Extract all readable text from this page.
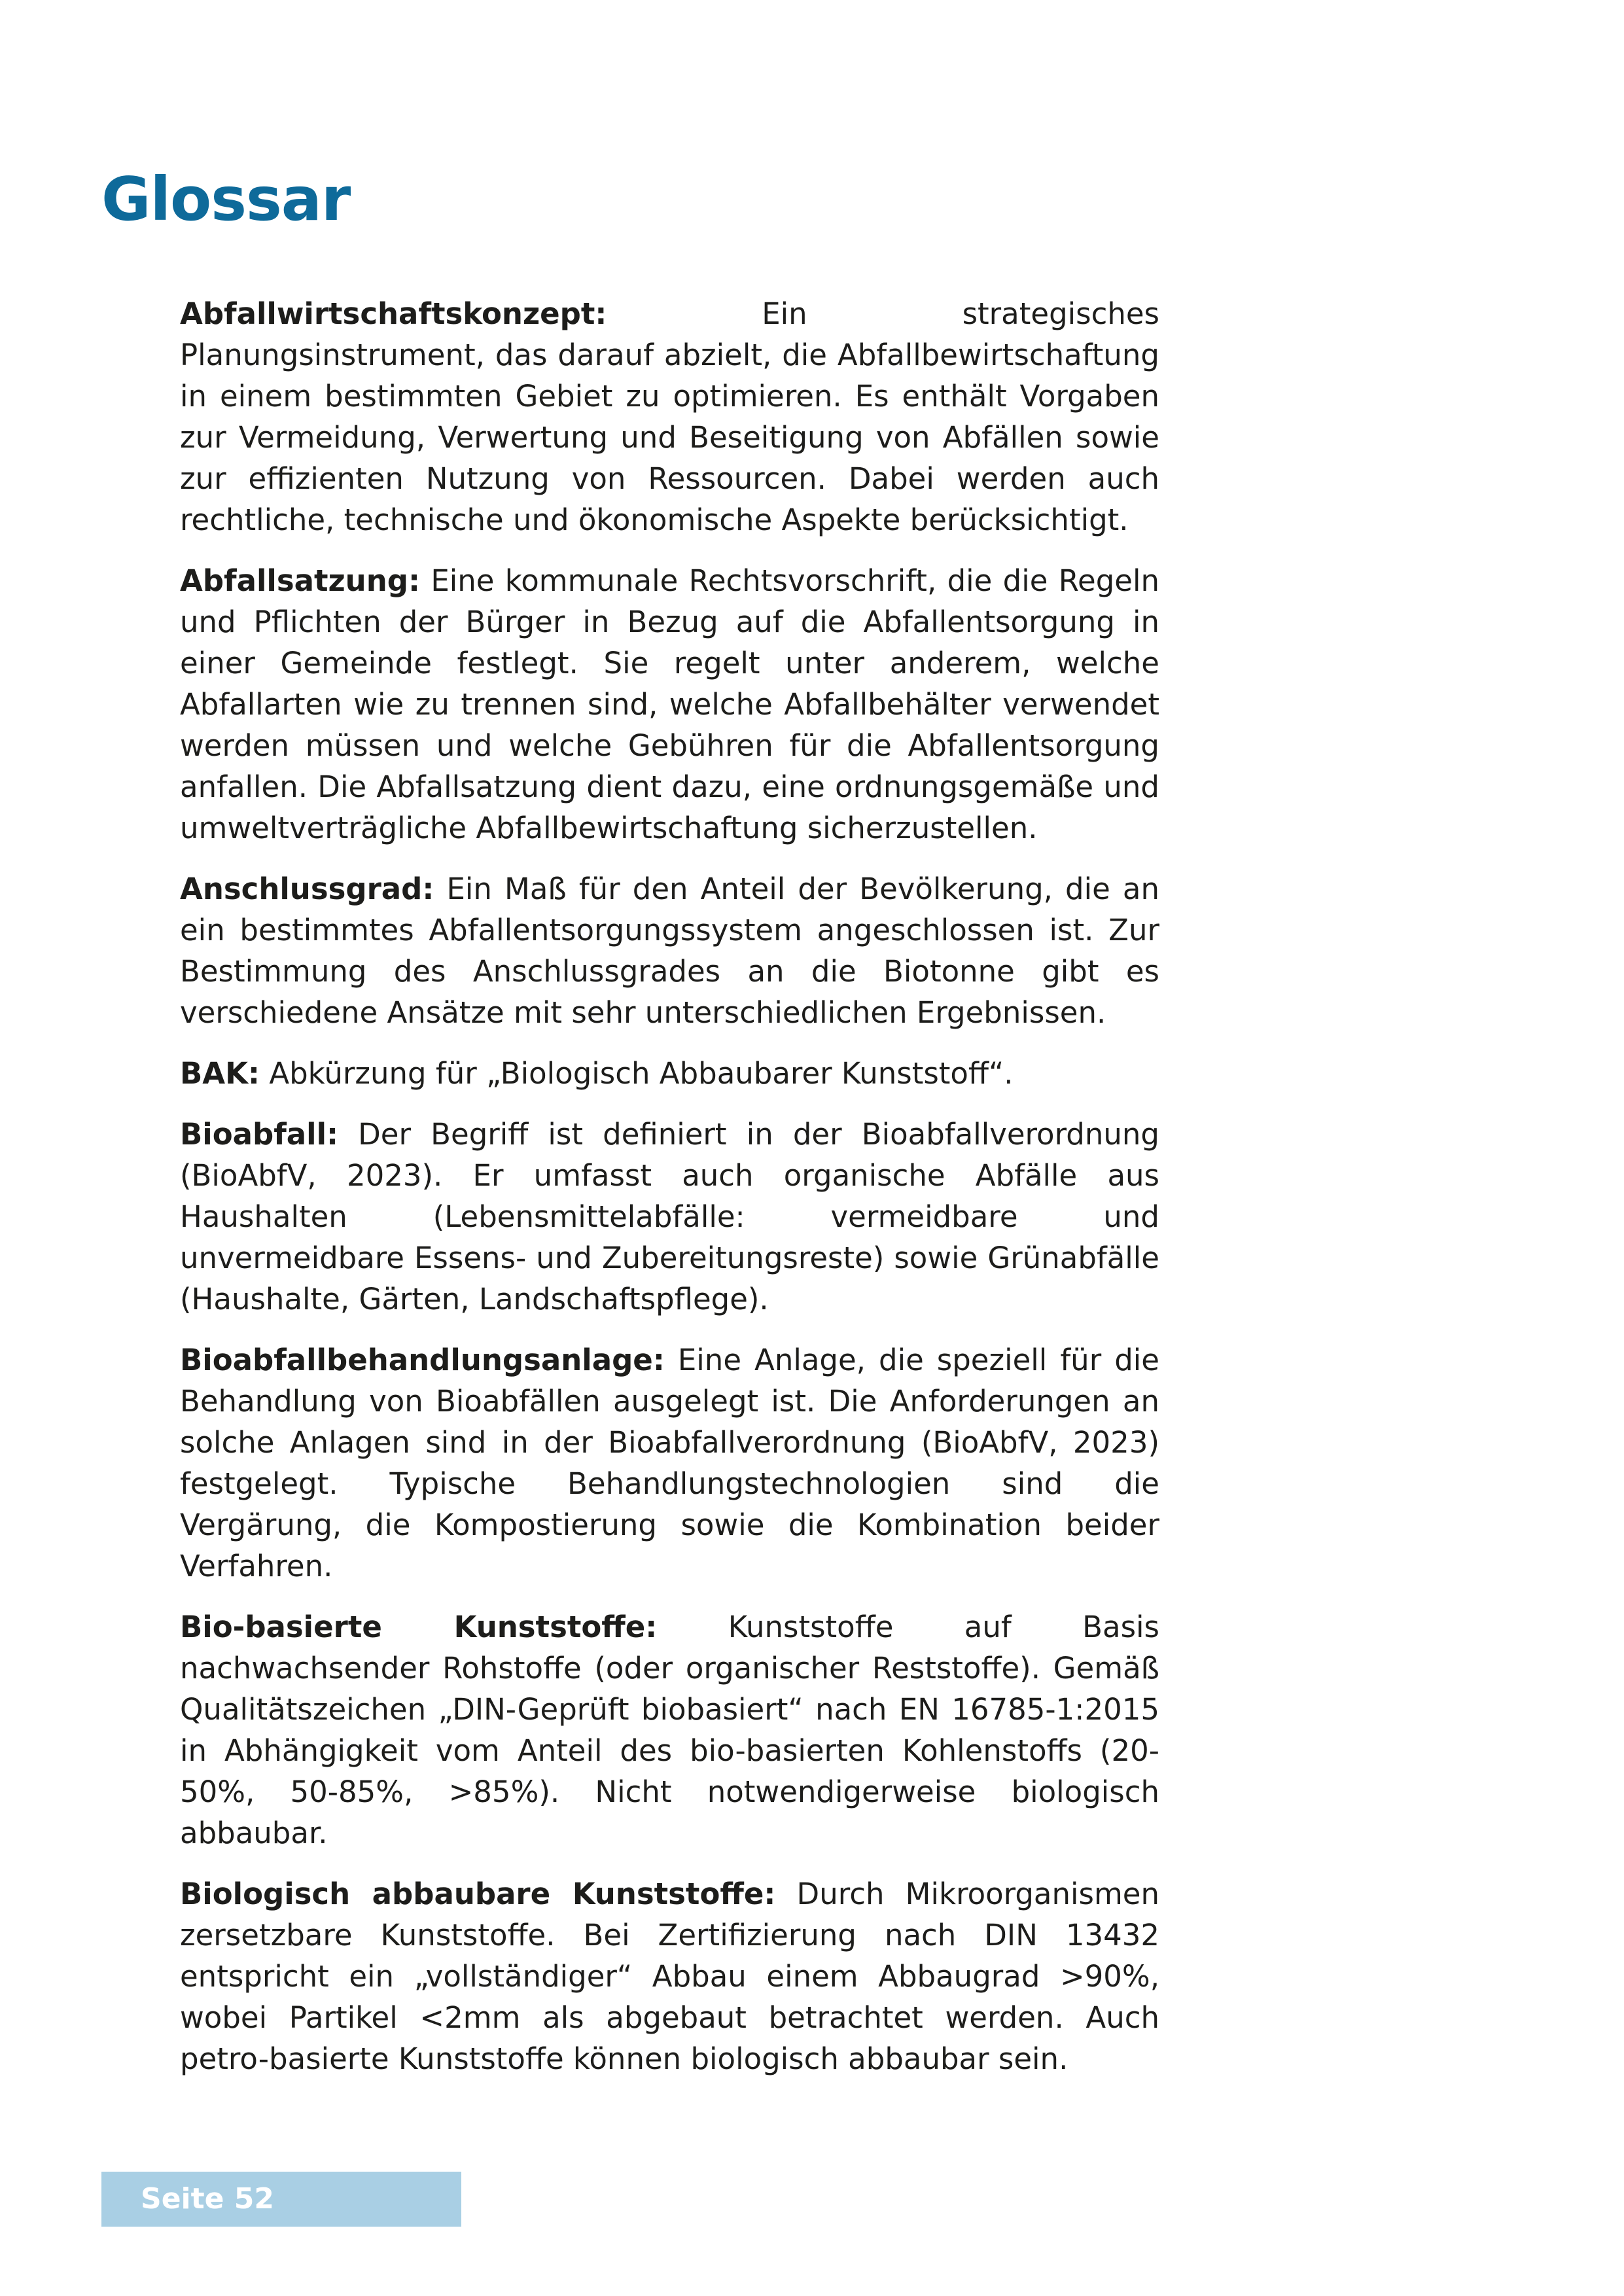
Glossar

Abfallwirtschaftskonzept:	Ein strategisches Planungsinstrument, das darauf abzielt, die Abfallbewirtschaftung in einem bestimmten Gebiet zu optimieren. Es enthält Vorgaben zur Vermeidung, Verwertung und Beseitigung von Abfällen sowie zur effizienten Nutzung von Ressourcen. Dabei werden auch rechtliche, technische und ökonomische Aspekte berücksichtigt.

Abfallsatzung: Eine kommunale Rechtsvorschrift, die die Regeln und Pflichten der Bürger in Bezug auf die Abfallentsorgung in einer Gemeinde festlegt. Sie regelt unter anderem, welche Abfallarten wie zu trennen sind, welche Abfallbehälter verwendet werden müssen und welche Gebühren für die Abfallentsorgung anfallen. Die Abfallsatzung dient dazu, eine ordnungsgemäße und umweltverträgliche Abfallbewirtschaftung sicherzustellen.

Anschlussgrad: Ein Maß für den Anteil der Bevölkerung, die an ein bestimmtes Abfallentsorgungssystem angeschlossen ist. Zur Bestimmung des Anschlussgrades an die Biotonne gibt es verschiedene Ansätze mit sehr unterschiedlichen Ergebnissen.

BAK: Abkürzung für „Biologisch Abbaubarer Kunststoff“.

Bioabfall: Der Begriff ist definiert in der Bioabfallverordnung (BioAbfV, 2023). Er umfasst auch organische Abfälle aus Haushalten (Lebensmittelabfälle: vermeidbare und unvermeidbare Essens- und Zubereitungsreste) sowie Grünabfälle (Haushalte, Gärten, Landschaftspflege).

Bioabfallbehandlungsanlage: Eine Anlage, die speziell für die Behandlung von Bioabfällen ausgelegt ist. Die Anforderungen an solche Anlagen sind in der Bioabfallverordnung (BioAbfV, 2023) festgelegt. Typische Behandlungstechnologien sind die Vergärung, die Kompostierung sowie die Kombination beider Verfahren.

Bio-basierte Kunststoffe: Kunststoffe auf Basis nachwachsender Rohstoffe (oder organischer Reststoffe). Gemäß Qualitätszeichen „DIN-Geprüft biobasiert“ nach EN 16785-1:2015 in Abhängigkeit vom Anteil des bio-basierten Kohlenstoffs (20-50%, 50-85%, >85%). Nicht notwendigerweise biologisch abbaubar.

Biologisch abbaubare Kunststoffe: Durch Mikroorganismen zersetzbare Kunststoffe. Bei Zertifizierung nach DIN 13432 entspricht ein „vollständiger“ Abbau einem Abbaugrad >90%, wobei Partikel <2mm als abgebaut betrachtet werden. Auch petro-basierte Kunststoffe können biologisch abbaubar sein.

Seite 52
